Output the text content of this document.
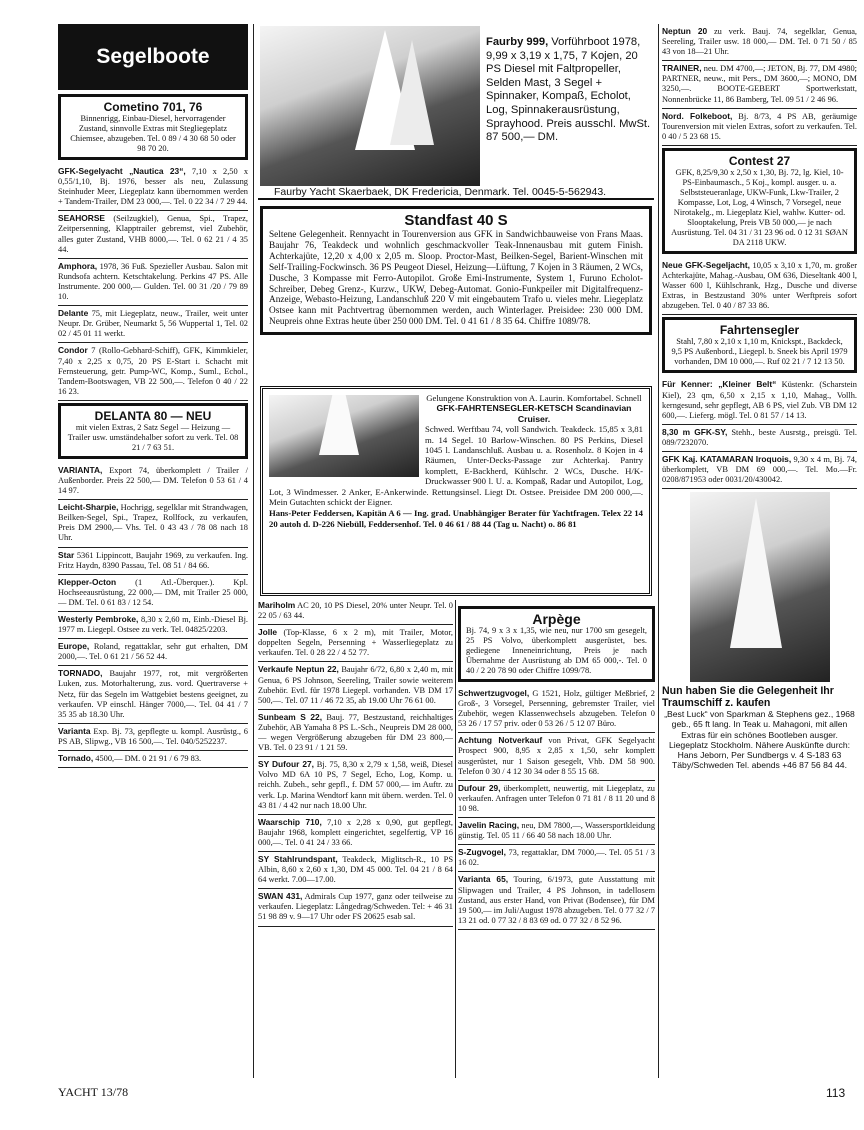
Segelboote
Cometino 701, 76
Binnenrigg, Einbau-Diesel, hervorragender Zustand, sinnvolle Extras mit Stegliegeplatz Chiemsee, abzugeben. Tel. 0 89 / 4 30 68 50 oder 98 70 20.
GFK-Segelyacht „Nautica 23“, 7,10 x 2,50 x 0,55/1,10, Bj. 1976, besser als neu, Zulassung Steinhuder Meer, Liegeplatz kann übernommen werden + Tandem-Trailer, DM 23 000,—. Tel. 0 22 34 / 7 29 44.
SEAHORSE (Seilzugkiel), Genua, Spi., Trapez, Zeitpersenning, Klapptrailer gebremst, viel Zubehör, alles guter Zustand, VHB 8000,—. Tel. 0 62 21 / 4 35 44.
Amphora, 1978, 36 Fuß. Spezieller Ausbau. Salon mit Rundsofa achtern. Ketschtakelung. Perkins 47 PS. Alle Instrumente. 200 000,— Gulden. Tel. 00 31 /20 / 79 89 10.
Delante 75, mit Liegeplatz, neuw., Trailer, weit unter Neupr. Dr. Grüber, Neumarkt 5, 56 Wuppertal 1, Tel. 02 02 / 45 01 11 werkt.
Condor 7 (Rollo-Gebhard-Schiff), GFK, Kimmkieler, 7,40 x 2,25 x 0,75, 20 PS E-Start i. Schacht mit Fernsteuerung, getr. Pump-WC, Komp., Suml., Echol., Tandem-Bootswagen, VB 22 500,—. Telefon 0 40 / 22 16 23.
DELANTA 80 — NEU
mit vielen Extras, 2 Satz Segel — Heizung — Trailer usw. umständehalber sofort zu verk. Tel. 08 21 / 7 63 51.
VARIANTA, Export 74, überkomplett / Trailer / Außenborder. Preis 22 500,— DM. Telefon 0 53 61 / 4 14 97.
Leicht-Sharpie, Hochrigg, segelklar mit Strandwagen, Beilken-Segel, Spi., Trapez, Rollfock, zu verkaufen, Preis DM 2900,— Vhs. Tel. 0 43 43 / 78 08 nach 18 Uhr.
Star 5361 Lippincott, Baujahr 1969, zu verkaufen. Ing. Fritz Haydn, 8390 Passau, Tel. 08 51 / 84 66.
Klepper-Octon (1 Atl.-Überquer.). Kpl. Hochseeausrüstung, 22 000,— DM, mit Trailer 25 000,— DM. Tel. 0 61 83 / 12 54.
Westerly Pembroke, 8,30 x 2,60 m, Einb.-Diesel Bj. 1977 m. Liegepl. Ostsee zu verk. Tel. 04825/2203.
Europe, Roland, regattaklar, sehr gut erhalten, DM 2000,—. Tel. 0 61 21 / 56 52 44.
TORNADO, Baujahr 1977, rot, mit vergrößerten Luken, zus. Motorhalterung, zus. vord. Quertraverse + Netz, für das Segeln im Wattgebiet bestens geeignet, zu verkaufen. VP einschl. Hänger 7000,—. Tel. 04 41 / 7 35 35 ab 18.30 Uhr.
Varianta Exp. Bj. 73, gepflegte u. kompl. Ausrüstg., 6 PS AB, Slipwg., VB 16 500,—. Tel. 040/5252237.
Tornado, 4500,— DM. 0 21 91 / 6 79 83.
Faurby 999, Vorführboot 1978, 9,99 x 3,19 x 1,75, 7 Kojen, 20 PS Diesel mit Faltpropeller, Selden Mast, 3 Segel + Spinnaker, Kompaß, Echolot, Log, Spinnakerausrüstung, Sprayhood. Preis ausschl. MwSt. 87 500,— DM.
Faurby Yacht Skaerbaek, DK Fredericia, Denmark. Tel. 0045-5-562943.
Standfast 40 S
Seltene Gelegenheit. Rennyacht in Tourenversion aus GFK in Sandwichbauweise von Frans Maas. Baujahr 76, Teakdeck und wohnlich geschmackvoller Teak-Innenausbau mit gutem Finish. Achterkajüte, 12,20 x 4,00 x 2,05 m. Sloop. Proctor-Mast, Beilken-Segel, Barient-Winschen mit Self-Trailing-Fockwinsch. 36 PS Peugeot Diesel, Heizung—Lüftung, 7 Kojen in 3 Räumen, 2 WCs, Dusche, 3 Kompasse mit Ferro-Autopilot. Große Emi-Instrumente, System 1, Furuno Echolot-Schreiber, Debeg Grenz-, Kurzw., UKW, Debeg-Automat. Gonio-Funkpeiler mit Digitalfrequenz-Anzeige, Webasto-Heizung, Landanschluß 220 V mit eingebautem Trafo u. vieles mehr. Liegeplatz Ostsee kann mit Pachtvertrag übernommen werden, auch Winterlager. Preisidee: 230 000 DM. Neupreis ohne Extras heute über 250 000 DM. Tel. 0 41 61 / 8 35 64. Chiffre 1089/78.
Gelungene Konstruktion von A. Laurin. Komfortabel. Schnell
GFK-FAHRTENSEGLER-KETSCH Scandinavian Cruiser.
Schwed. Werftbau 74, voll Sandwich. Teakdeck. 15,85 x 3,81 m. 14 Segel. 10 Barlow-Winschen. 80 PS Perkins, Diesel 1045 l. Landanschluß. Ausbau u. a. Rosenholz. 8 Kojen in 4 Räumen, Unter-Decks-Passage zur Achterkaj. Pantry komplett, E-Backherd, Kühlschr. 2 WCs, Dusche. H/K-Druckwasser 900 l. U. a. Kompaß, Radar und Autopilot, Log, Lot, 3 Windmesser. 2 Anker, E-Ankerwinde. Rettungsinsel. Liegt Dt. Ostsee. Preisidee DM 200 000,—. Mein Gutachten schickt der Eigner.
Hans-Peter Feddersen, Kapitän A 6 — Ing. grad. Unabhängiger Berater für Yachtfragen. Telex 22 14 20 autoh d. D-226 Niebüll, Feddersenhof. Tel. 0 46 61 / 88 44 (Tag u. Nacht) o. 86 81
Mariholm AC 20, 10 PS Diesel, 20% unter Neupr. Tel. 0 22 05 / 63 44.
Jolle (Top-Klasse, 6 x 2 m), mit Trailer, Motor, doppelten Segeln, Persenning + Wasserliegeplatz zu verkaufen. Tel. 0 28 22 / 4 52 77.
Verkaufe Neptun 22, Baujahr 6/72, 6,80 x 2,40 m, mit Genua, 6 PS Johnson, Seereling, Trailer sowie weiterem Zubehör. Evtl. für 1978 Liegepl. vorhanden. VB DM 17 500,—. Tel. 07 11 / 46 72 35, ab 19.00 Uhr 76 61 00.
Sunbeam S 22, Bauj. 77, Bestzustand, reichhaltiges Zubehör, AB Yamaha 8 PS L.-Sch., Neupreis DM 28 000,— wegen Vergrößerung abzugeben für DM 23 800,— VB. Tel. 0 23 91 / 1 21 59.
SY Dufour 27, Bj. 75, 8,30 x 2,79 x 1,58, weiß, Diesel Volvo MD 6A 10 PS, 7 Segel, Echo, Log, Komp. u. reichh. Zubeh., sehr gepfl., f. DM 57 000,— im Auftr. zu verk. Lp. Marina Wendtorf kann mit übern. werden. Tel. 0 43 81 / 4 42 nur nach 18.00 Uhr.
Waarschip 710, 7,10 x 2,28 x 0,90, gut gepflegt, Baujahr 1968, komplett eingerichtet, segelfertig, VP 16 000,—. Tel. 0 41 24 / 33 66.
SY Stahlrundspant, Teakdeck, Miglitsch-R., 10 PS Albin, 8,60 x 2,60 x 1,30, DM 45 000. Tel. 04 21 / 8 64 64 werkt. 7.00—17.00.
SWAN 431, Admirals Cup 1977, ganz oder teilweise zu verkaufen. Liegeplatz: Långedrag/Schweden. Tel: + 46 31 51 98 89 v. 9—17 Uhr oder FS 20625 esab sal.
Arpège
Bj. 74, 9 x 3 x 1,35, wie neu, nur 1700 sm gesegelt, 25 PS Volvo, überkomplett ausgerüstet, bes. gediegene Inneneinrichtung, Preis je nach Übernahme der Ausrüstung ab DM 65 000,-. Tel. 0 40 / 2 20 78 90 oder Chiffre 1099/78.
Schwertzugvogel, G 1521, Holz, gültiger Meßbrief, 2 Groß-, 3 Vorsegel, Persenning, gebremster Trailer, viel Zubehör, wegen Klassenwechsels abzugeben. Telefon 0 53 26 / 17 57 priv. oder 0 53 26 / 5 12 07 Büro.
Achtung Notverkauf von Privat, GFK Segelyacht Prospect 900, 8,95 x 2,85 x 1,50, sehr komplett ausgerüstet, nur 1 Saison gesegelt, Vhb. DM 58 900. Telefon 0 30 / 4 12 30 34 oder 8 55 15 68.
Dufour 29, überkomplett, neuwertig, mit Liegeplatz, zu verkaufen. Anfragen unter Telefon 0 71 81 / 8 11 20 und 8 10 98.
Javelin Racing, neu, DM 7800,—, Wassersportkleidung günstig. Tel. 05 11 / 66 40 58 nach 18.00 Uhr.
S-Zugvogel, 73, regattaklar, DM 7000,—. Tel. 05 51 / 3 16 02.
Varianta 65, Touring, 6/1973, gute Ausstattung mit Slipwagen und Trailer, 4 PS Johnson, in tadellosem Zustand, aus erster Hand, von Privat (Bodensee), für DM 19 500,— im Juli/August 1978 abzugeben. Tel. 0 77 32 / 7 13 21 od. 0 77 32 / 8 83 69 od. 0 77 32 / 8 52 96.
Neptun 20 zu verk. Bauj. 74, segelklar, Genua, Seereling, Trailer usw. 18 000,— DM. Tel. 0 71 50 / 85 43 von 18—21 Uhr.
TRAINER, neu. DM 4700,—; JETON, Bj. 77, DM 4980; PARTNER, neuw., mit Pers., DM 3600,—; MONO, DM 3250,—. BOOTE-GEBERT Sportwerkstatt, Nonnenbrücke 11, 86 Bamberg, Tel. 09 51 / 2 46 96.
Nord. Folkeboot, Bj. 8/73, 4 PS AB, geräumige Tourenversion mit vielen Extras, sofort zu verkaufen. Tel. 0 40 / 5 23 68 15.
Contest 27
GFK, 8,25/9,30 x 2,50 x 1,30, Bj. 72, lg. Kiel, 10-PS-Einbaumasch., 5 Koj., kompl. ausger. u. a. Selbststeueranlage, UKW-Funk, Lkw-Trailer, 2 Kompasse, Lot, Log, 4 Winsch, 7 Vorsegel, neue Nirotakelg., m. Liegeplatz Kiel, wahlw. Kutter- od. Slooptakelung, Preis VB 50 000,— je nach Ausrüstung. Tel. 04 31 / 31 23 96 od. 0 12 31 SØAN DA 2118 UKW.
Neue GFK-Segeljacht, 10,05 x 3,10 x 1,70, m. großer Achterkajüte, Mahag.-Ausbau, OM 636, Dieseltank 400 l, Wasser 600 l, Kühlschrank, Hzg., Dusche und diverse Extras, in Bestzustand 30% unter Werftpreis sofort abzugeben. Tel. 0 40 / 87 33 86.
Fahrtensegler
Stahl, 7,80 x 2,10 x 1,10 m, Knickspt., Backdeck, 9,5 PS Außenbord., Liegepl. b. Sneek bis April 1979 vorhanden, DM 10 000,—. Ruf 02 21 / 7 12 13 50.
Für Kenner: „Kleiner Belt“ Küstenkr. (Scharstein Kiel), 23 qm, 6,50 x 2,15 x 1,10, Mahag., Vollh. kerngesund, sehr gepflegt, AB 6 PS, viel Zub. VB DM 12 600,—. Lieferg. mögl. Tel. 0 81 57 / 14 13.
8,30 m GFK-SY, Stehh., beste Ausrstg., preisgü. Tel. 089/7232070.
GFK Kaj. KATAMARAN Iroquois, 9,30 x 4 m, Bj. 74, überkomplett, VB DM 69 000,—. Tel. Mo.—Fr. 0208/871953 oder 0031/20/430042.
Nun haben Sie die Gelegenheit Ihr Traumschiff z. kaufen
„Best Luck“ von Sparkman & Stephens gez., 1968 geb., 65 ft lang. In Teak u. Mahagoni, mit allen Extras für ein schönes Bootleben ausger. Liegeplatz Stockholm. Nähere Auskünfte durch: Hans Jeborn, Per Sundbergs v. 4 S-183 63 Täby/Schweden Tel. abends +46 87 56 84 44.
YACHT 13/78	113
